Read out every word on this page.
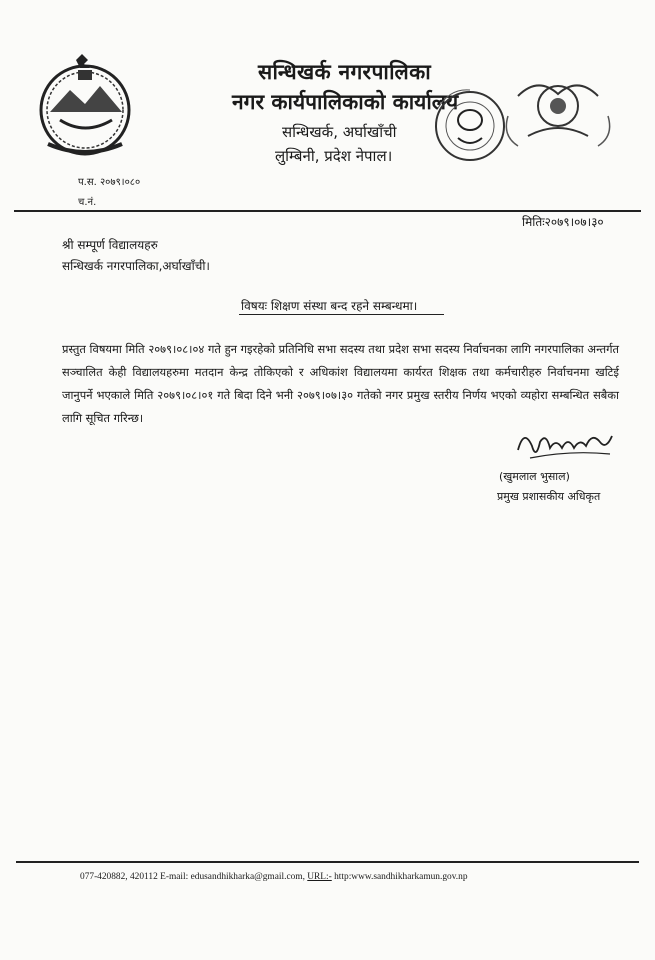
सन्धिखर्क नगरपालिका
नगर कार्यपालिकाको कार्यालय
सन्धिखर्क, अर्घाखाँची
लुम्बिनी, प्रदेश नेपाल।
प.स. २०७९।०८०
च.नं.
मितिः२०७९।०७।३०
श्री सम्पूर्ण विद्यालयहरु
सन्धिखर्क नगरपालिका,अर्घाखाँची।
विषयः शिक्षण संस्था बन्द रहने सम्बन्धमा।
प्रस्तुत विषयमा मिति २०७९।०८।०४ गते हुन गइरहेको प्रतिनिधि सभा सदस्य तथा प्रदेश सभा सदस्य निर्वाचनका लागि नगरपालिका अन्तर्गत सञ्चालित केही विद्यालयहरुमा मतदान केन्द्र तोकिएको र अधिकांश विद्यालयमा कार्यरत शिक्षक तथा कर्मचारीहरु निर्वाचनमा खटिई जानुपर्ने भएकाले मिति २०७९।०८।०१ गते बिदा दिने भनी २०७९।०७।३० गतेको नगर प्रमुख स्तरीय निर्णय भएको व्यहोरा सम्बन्धित सबैका लागि सूचित गरिन्छ।
(खुमलाल भुसाल)
प्रमुख प्रशासकीय अधिकृत
077-420882, 420112 E-mail: edusandhikharka@gmail.com, URL:- http:www.sandhikharkamun.gov.np
